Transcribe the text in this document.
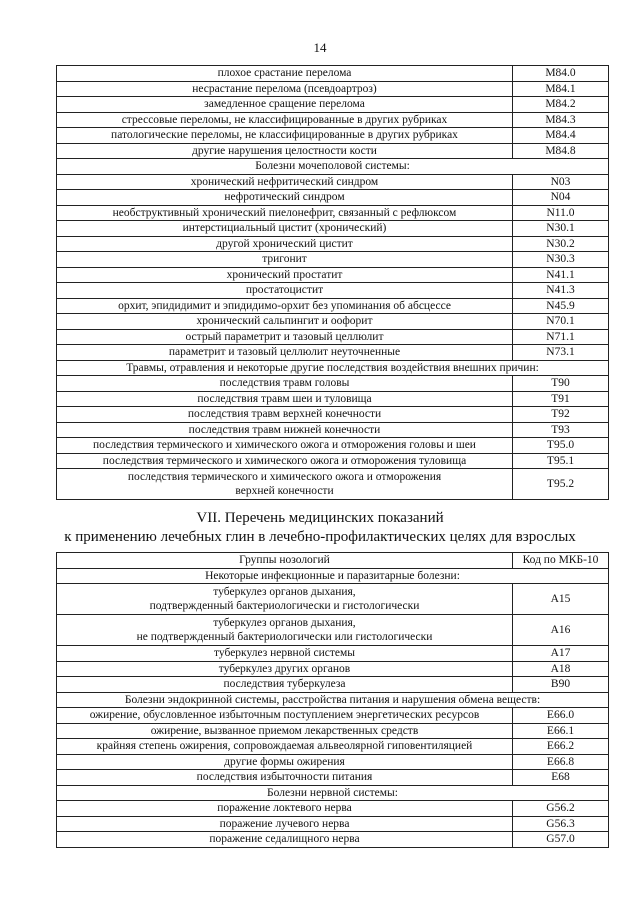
14
плохое срастание перелома	M84.0
несрастание перелома (псевдоартроз)	M84.1
замедленное сращение перелома	M84.2
стрессовые переломы, не классифицированные в других рубриках	M84.3
патологические переломы, не классифицированные в других рубриках	M84.4
другие нарушения целостности кости	M84.8
Болезни мочеполовой системы:	
хронический нефритический синдром	N03
нефротический синдром	N04
необструктивный хронический пиелонефрит, связанный с рефлюксом	N11.0
интерстициальный цистит (хронический)	N30.1
другой хронический цистит	N30.2
тригонит	N30.3
хронический простатит	N41.1
простатоцистит	N41.3
орхит, эпидидимит и эпидидимо-орхит без упоминания об абсцессе	N45.9
хронический сальпингит и оофорит	N70.1
острый параметрит и тазовый целлюлит	N71.1
параметрит и тазовый целлюлит неуточненные	N73.1
Травмы, отравления и некоторые другие последствия воздействия внешних причин:	
последствия травм головы	T90
последствия травм шеи и туловища	T91
последствия травм верхней конечности	T92
последствия травм нижней конечности	T93
последствия термического и химического ожога и отморожения головы и шеи	T95.0
последствия термического и химического ожога и отморожения туловища	T95.1

последствия термического и химического ожога и отморожения
верхней конечности	T95.2
VII. Перечень медицинских показаний
к применению лечебных глин в лечебно-профилактических целях для взрослых
Группы нозологий	Код по МКБ-10
Некоторые инфекционные и паразитарные болезни:	

туберкулез органов дыхания,
подтвержденный бактериологически и гистологически	A15

туберкулез органов дыхания,
не подтвержденный бактериологически или гистологически	A16
туберкулез нервной системы	A17
туберкулез других органов	A18
последствия туберкулеза	B90
Болезни эндокринной системы, расстройства питания и нарушения обмена веществ:	
ожирение, обусловленное избыточным поступлением энергетических ресурсов	E66.0
ожирение, вызванное приемом лекарственных средств	E66.1
крайняя степень ожирения, сопровождаемая альвеолярной гиповентиляцией	E66.2
другие формы ожирения	E66.8
последствия избыточности питания	E68
Болезни нервной системы:	
поражение локтевого нерва	G56.2
поражение лучевого нерва	G56.3
поражение седалищного нерва	G57.0
